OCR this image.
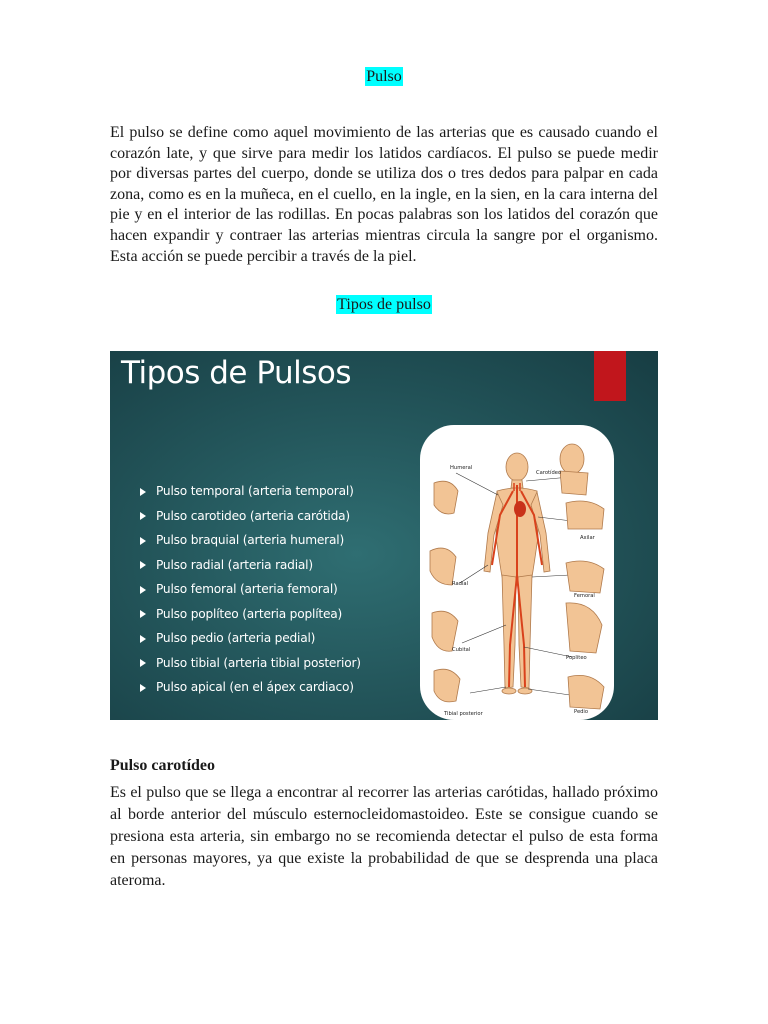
Pulso

El pulso se define como aquel movimiento de las arterias que es causado cuando el corazón late, y que sirve para medir los latidos cardíacos. El pulso se puede medir por diversas partes del cuerpo, donde se utiliza dos o tres dedos para palpar en cada zona, como es en la muñeca, en el cuello, en la ingle, en la sien, en la cara interna del pie y en el interior de las rodillas. En pocas palabras son los latidos del corazón que hacen expandir y contraer las arterias mientras circula la sangre por el organismo. Esta acción se puede percibir a través de la piel.

Tipos de pulso
Tipos de Pulsos
Pulso temporal (arteria temporal)
Pulso carotideo (arteria carótida)
Pulso braquial (arteria humeral)
Pulso radial (arteria radial)
Pulso femoral (arteria femoral)
Pulso poplíteo (arteria poplítea)
Pulso pedio (arteria pedial)
Pulso tibial (arteria tibial posterior)
Pulso apical (en el ápex cardiaco)
Humeral
Carotídeo
Axilar
Radial
Femoral
Cubital
Popliteo
Tibial posterior	Pedio
Pulso carotídeo

Es el pulso que se llega a encontrar al recorrer las arterias carótidas, hallado próximo al borde anterior del músculo esternocleidomastoideo. Este se consigue cuando se presiona esta arteria, sin embargo no se recomienda detectar el pulso de esta forma en personas mayores, ya que existe la probabilidad de que se desprenda una placa ateroma.
